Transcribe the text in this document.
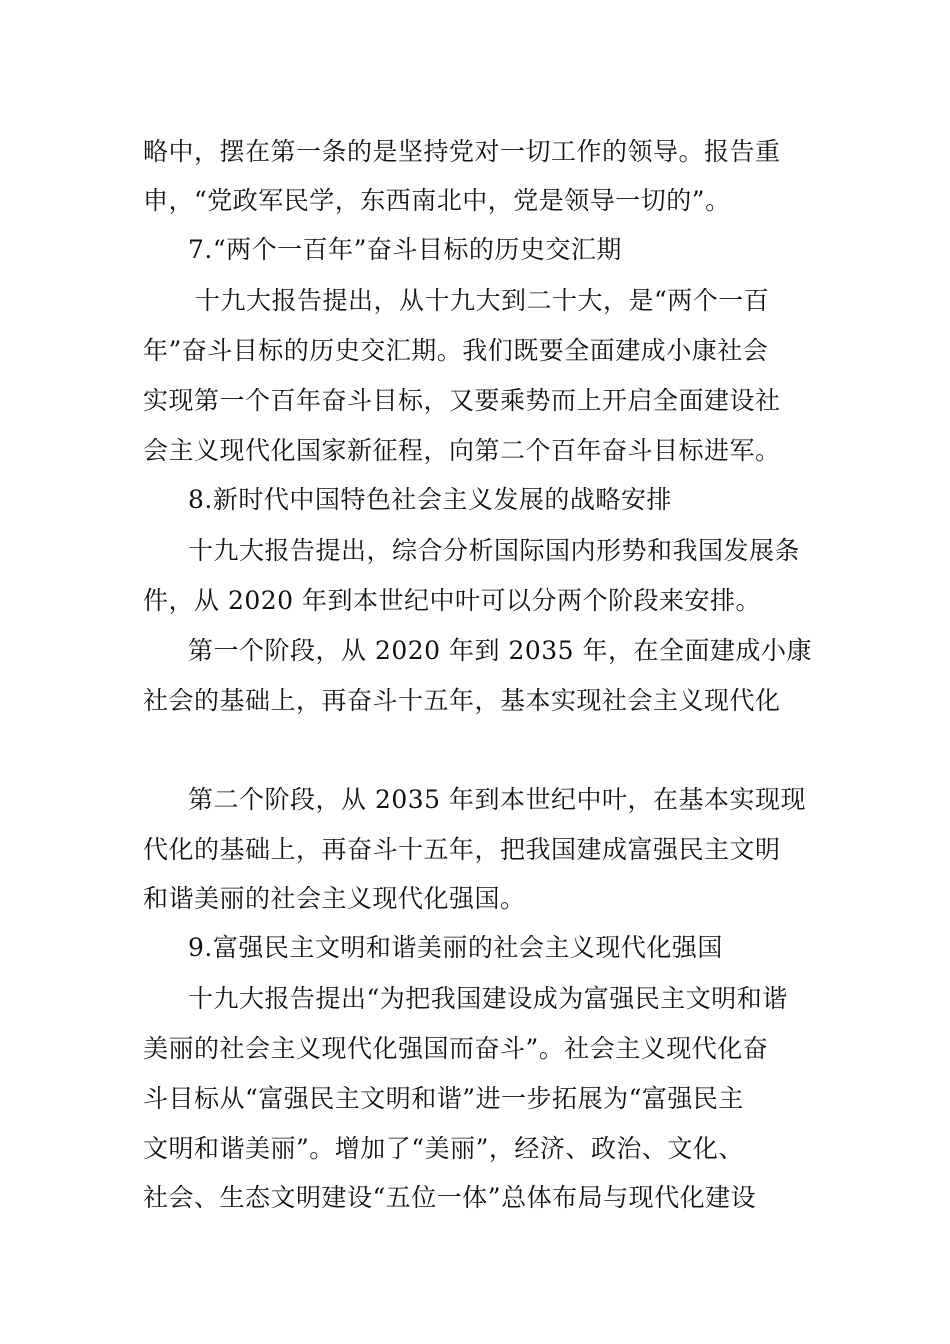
略中，摆在第一条的是坚持党对一切工作的领导。报告重
申，“党政军民学，东西南北中，党是领导一切的”。
7.“两个一百年”奋斗目标的历史交汇期
十九大报告提出，从十九大到二十大，是“两个一百
年”奋斗目标的历史交汇期。我们既要全面建成小康社会
实现第一个百年奋斗目标，又要乘势而上开启全面建设社
会主义现代化国家新征程，向第二个百年奋斗目标进军。
8.新时代中国特色社会主义发展的战略安排
十九大报告提出，综合分析国际国内形势和我国发展条
件，从 2020 年到本世纪中叶可以分两个阶段来安排。
第一个阶段，从 2020 年到 2035 年，在全面建成小康
社会的基础上，再奋斗十五年，基本实现社会主义现代化
第二个阶段，从 2035 年到本世纪中叶，在基本实现现
代化的基础上，再奋斗十五年，把我国建成富强民主文明
和谐美丽的社会主义现代化强国。
9.富强民主文明和谐美丽的社会主义现代化强国
十九大报告提出“为把我国建设成为富强民主文明和谐
美丽的社会主义现代化强国而奋斗”。社会主义现代化奋
斗目标从“富强民主文明和谐”进一步拓展为“富强民主
文明和谐美丽”。增加了“美丽”，经济、政治、文化、
社会、生态文明建设“五位一体”总体布局与现代化建设
